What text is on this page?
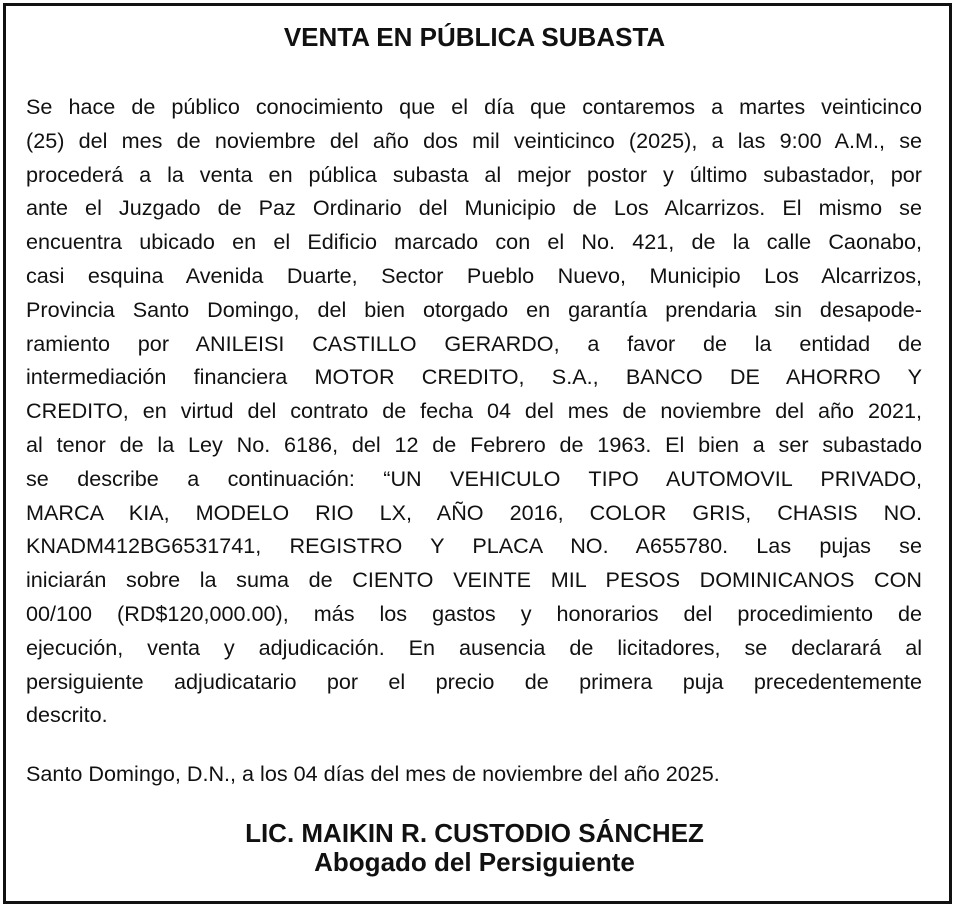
VENTA EN PÚBLICA SUBASTA
Se hace de público conocimiento que el día que contaremos a martes veinticinco
(25) del mes de noviembre del año dos mil veinticinco (2025), a las 9:00 A.M., se
procederá a la venta en pública subasta al mejor postor y último subastador, por
ante el Juzgado de Paz Ordinario del Municipio de Los Alcarrizos. El mismo se
encuentra ubicado en el Edificio marcado con el No. 421, de la calle Caonabo,
casi esquina Avenida Duarte, Sector Pueblo Nuevo, Municipio Los Alcarrizos,
Provincia Santo Domingo, del bien otorgado en garantía prendaria sin desapode-
ramiento por ANILEISI CASTILLO GERARDO, a favor de la entidad de
intermediación financiera MOTOR CREDITO, S.A., BANCO DE AHORRO Y
CREDITO, en virtud del contrato de fecha 04 del mes de noviembre del año 2021,
al tenor de la Ley No. 6186, del 12 de Febrero de 1963. El bien a ser subastado
se describe a continuación: “UN VEHICULO TIPO AUTOMOVIL PRIVADO,
MARCA KIA, MODELO RIO LX, AÑO 2016, COLOR GRIS, CHASIS NO.
KNADM412BG6531741, REGISTRO Y PLACA NO. A655780. Las pujas se
iniciarán sobre la suma de CIENTO VEINTE MIL PESOS DOMINICANOS CON
00/100 (RD$120,000.00), más los gastos y honorarios del procedimiento de
ejecución, venta y adjudicación. En ausencia de licitadores, se declarará al
persiguiente adjudicatario por el precio de primera puja precedentemente
descrito.

Santo Domingo, D.N., a los 04 días del mes de noviembre del año 2025.

LIC. MAIKIN R. CUSTODIO SÁNCHEZ
Abogado del Persiguiente
